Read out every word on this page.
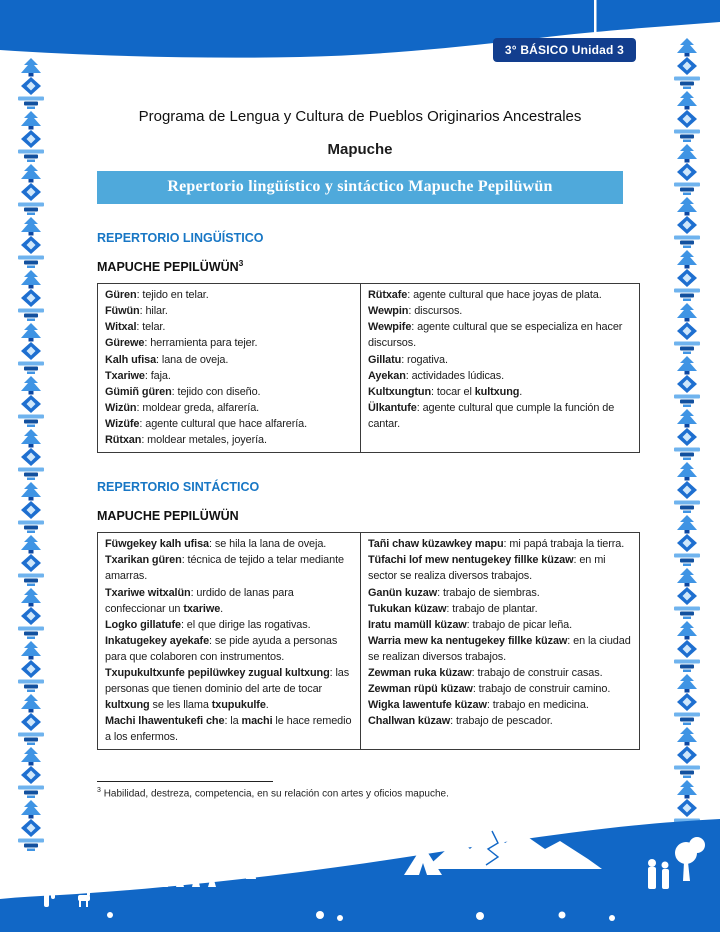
3° BÁSICO Unidad 3
Programa de Lengua y Cultura de Pueblos Originarios Ancestrales
Mapuche
Repertorio lingüístico y sintáctico Mapuche Pepilüwün
REPERTORIO LINGÜÍSTICO
MAPUCHE PEPILÜWÜN$^3$
Güren: tejido en telar.
Füwün: hilar.
Witxal: telar.
Gürewe: herramienta para tejer.
Kalh ufisa: lana de oveja.
Txariwe: faja.
Gümiñ güren: tejido con diseño.
Wizün: moldear greda, alfarería.
Wizüfe: agente cultural que hace alfarería.
Rütxan: moldear metales, joyería.

Rütxafe: agente cultural que hace joyas de plata.
Wewpin: discursos.
Wewpife: agente cultural que se especializa en hacer discursos.
Gillatu: rogativa.
Ayekan: actividades lúdicas.
Kultxungtun: tocar el kultxung.
Ülkantufe: agente cultural que cumple la función de cantar.
REPERTORIO SINTÁCTICO
MAPUCHE PEPILÜWÜN
Füwgekey kalh ufisa: se hila la lana de oveja.
Txarikan güren: técnica de tejido a telar mediante amarras.
Txariwe witxalün: urdido de lanas para confeccionar un txariwe.
Logko gillatufe: el que dirige las rogativas.
Inkatugekey ayekafe: se pide ayuda a personas para que colaboren con instrumentos.
Txupukultxunfe pepilüwkey zugual kultxung: las personas que tienen dominio del arte de tocar kultxung se les llama txupukulfe.
Machi lhawentukefi che: la machi le hace remedio a los enfermos.

Tañi chaw küzawkey mapu: mi papá trabaja la tierra.
Tüfachi lof mew nentugekey fillke küzaw: en mi sector se realiza diversos trabajos.
Ganün kuzaw: trabajo de siembras.
Tukukan küzaw: trabajo de plantar.
Iratu mamüll küzaw: trabajo de picar leña.
Warria mew ka nentugekey fillke küzaw: en la ciudad se realizan diversos trabajos.
Zewman ruka küzaw: trabajo de construir casas.
Zewman rüpü küzaw: trabajo de construir camino.
Wigka lawentufe küzaw: trabajo en medicina.
Challwan küzaw: trabajo de pescador.
$^3$ Habilidad, destreza, competencia, en su relación con artes y oficios mapuche.
